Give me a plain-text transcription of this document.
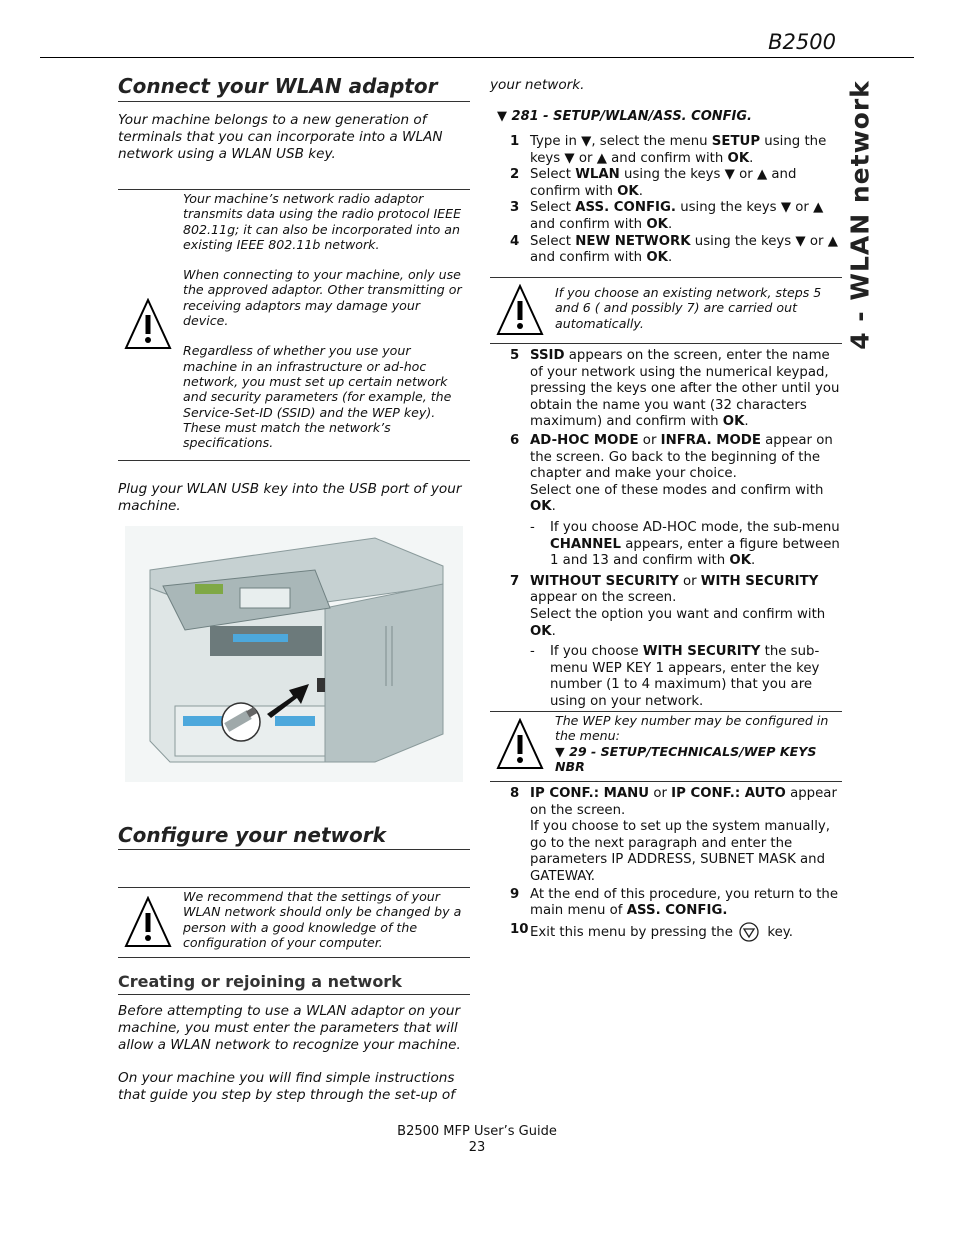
B2500
4 - WLAN network
Connect your WLAN adaptor
Your machine belongs to a new generation of terminals that you can incorporate into a WLAN network using a WLAN USB key.
Your machine’s network radio adaptor transmits data using the radio protocol IEEE 802.11g; it can also be incorporated into an existing IEEE 802.11b network.
When connecting to your machine, only use the approved adaptor. Other transmitting or receiving adaptors may damage your device.
Regardless of whether you use your machine in an infrastructure or ad-hoc network, you must set up certain network and security parameters (for example, the Service-Set-ID (SSID) and the WEP key). These must match the network’s specifications.
Plug your WLAN USB key into the USB port of your machine.
Configure your network
We recommend that the settings of your WLAN network should only be changed by a person with a good knowledge of the configuration of your computer.
Creating or rejoining a network
Before attempting to use a WLAN adaptor on your machine, you must enter the parameters that will allow a WLAN network to recognize your machine.
On your machine you will find simple instructions that guide you step by step through the set-up of
your network.
▼ 281 - SETUP/WLAN/ASS. CONFIG.
1 Type in ▼, select the menu SETUP using the keys ▼ or ▲ and confirm with OK.
2 Select WLAN using the keys ▼ or ▲ and confirm with OK.
3 Select ASS. CONFIG. using the keys ▼ or ▲ and confirm with OK.
4 Select NEW NETWORK using the keys ▼ or ▲ and confirm with OK.
If you choose an existing network, steps 5 and 6 ( and possibly 7) are carried out automatically.
5 SSID appears on the screen, enter the name of your network using the numerical keypad, pressing the keys one after the other until you obtain the name you want (32 characters maximum) and confirm with OK.
6 AD-HOC MODE or INFRA. MODE appear on the screen. Go back to the beginning of the chapter and make your choice.
Select one of these modes and confirm with OK.
- If you choose AD-HOC mode, the sub-menu CHANNEL appears, enter a figure between 1 and 13 and confirm with OK.
7 WITHOUT SECURITY or WITH SECURITY
appear on the screen.
Select the option you want and confirm with OK.
- If you choose WITH SECURITY the sub-menu WEP KEY 1 appears, enter the key number (1 to 4 maximum) that you are using on your network.
The WEP key number may be configured in the menu:
▼ 29 - SETUP/TECHNICALS/WEP KEYS NBR
8 IP CONF.: MANU or IP CONF.: AUTO appear on the screen.
If you choose to set up the system manually, go to the next paragraph and enter the parameters IP ADDRESS, SUBNET MASK and GATEWAY.
9 At the end of this procedure, you return to the main menu of ASS. CONFIG.
10 Exit this menu by pressing the  key.
B2500 MFP User’s Guide
23
